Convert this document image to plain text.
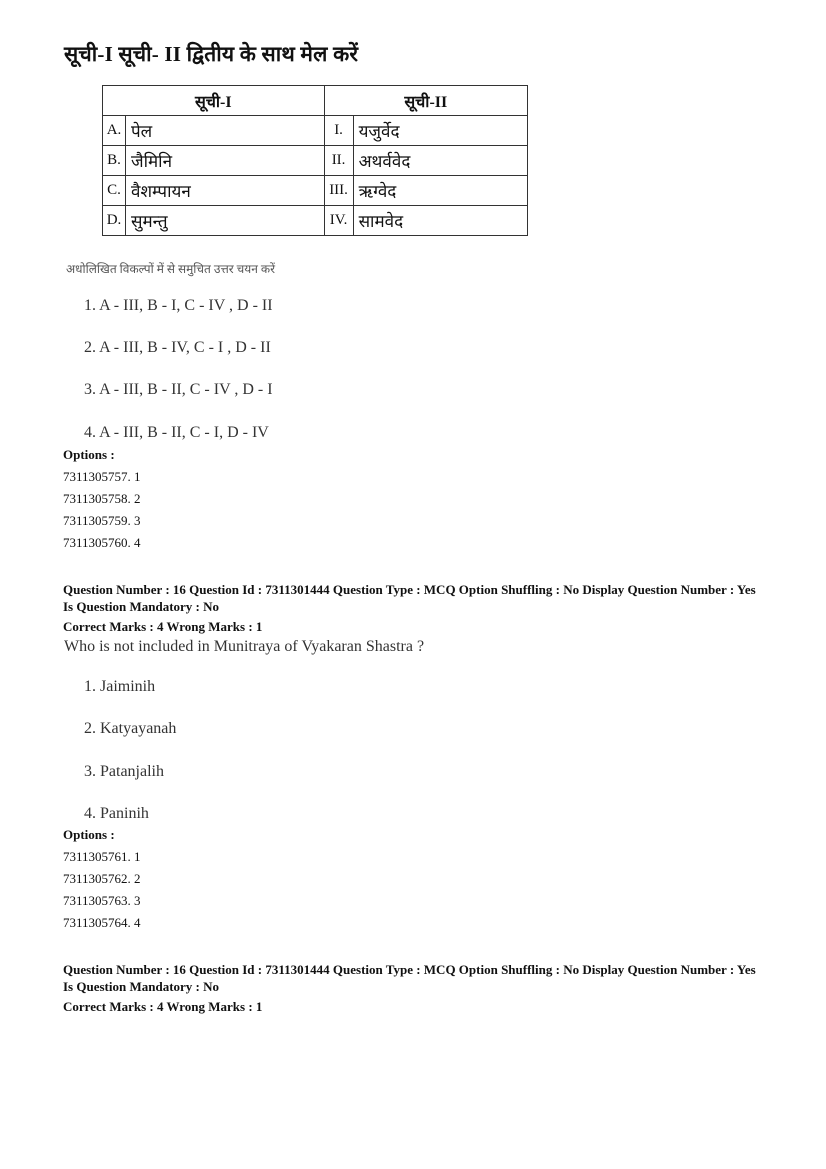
सूची-I सूची- II द्वितीय के साथ मेल करें
सूची-I		सूची-II	
A.	पेल	I.	यजुर्वेद
B.	जैमिनि	II.	अथर्ववेद
C.	वैशम्पायन	III.	ऋग्वेद
D.	सुमन्तु	IV.	सामवेद
अधोलिखित विकल्पों में से समुचित उत्तर चयन करें
1. A - III, B - I, C - IV , D - II
2. A - III, B - IV, C - I , D - II
3. A - III, B - II, C - IV , D - I
4. A - III, B - II, C - I, D - IV
Options :
7311305757. 1
7311305758. 2
7311305759. 3
7311305760. 4
Question Number : 16 Question Id : 7311301444 Question Type : MCQ Option Shuffling : No Display Question Number : Yes Is Question Mandatory : No
Correct Marks : 4 Wrong Marks : 1
Who is not included in Munitraya of Vyakaran Shastra ?
1. Jaiminih
2. Katyayanah
3. Patanjalih
4. Paninih
Options :
7311305761. 1
7311305762. 2
7311305763. 3
7311305764. 4
Question Number : 16 Question Id : 7311301444 Question Type : MCQ Option Shuffling : No Display Question Number : Yes Is Question Mandatory : No
Correct Marks : 4 Wrong Marks : 1
